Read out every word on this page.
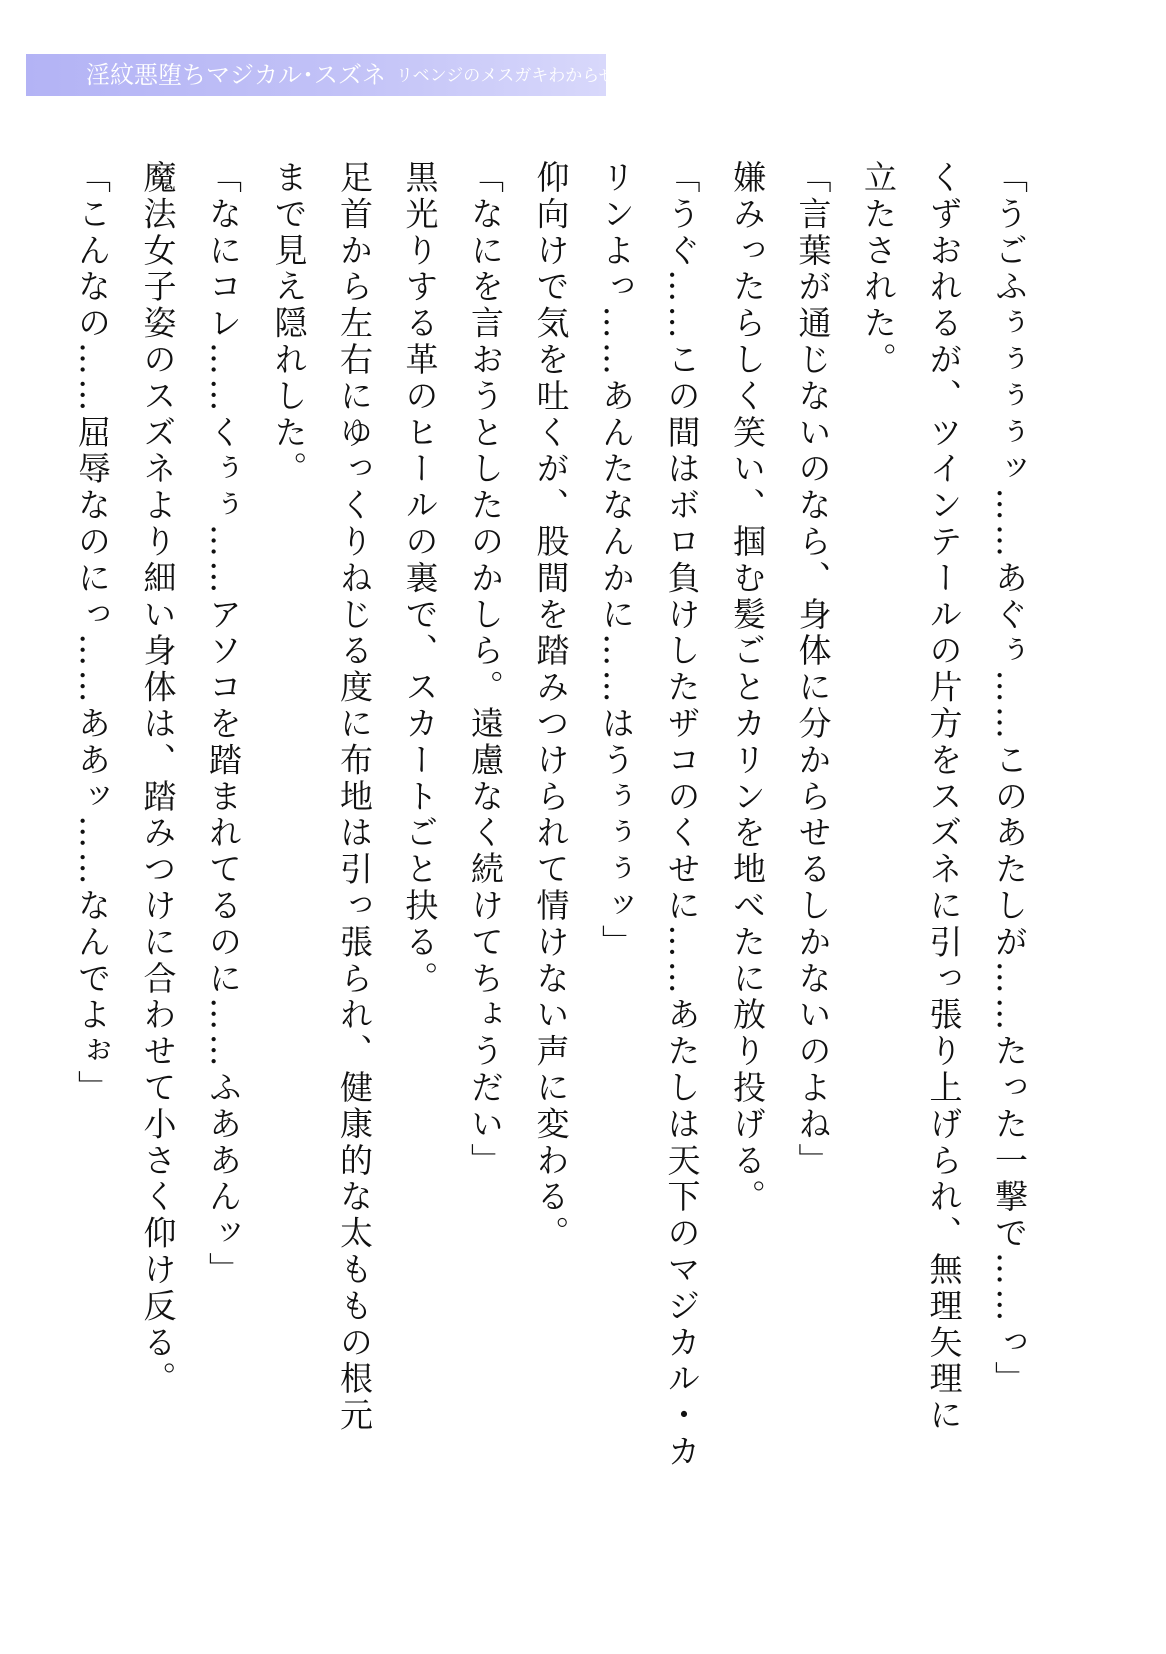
淫紋悪堕ちマジカル･スズネ リベンジのメスガキわからせ
「うごふぅぅぅぅッ……あぐぅ……このあたしが……たった一撃で……っ」
くずおれるが、ツインテールの片方をスズネに引っ張り上げられ、無理矢理に
立たされた。
「言葉が通じないのなら、身体に分からせるしかないのよね」
嫌みったらしく笑い、掴む髪ごとカリンを地べたに放り投げる。
「うぐ……この間はボロ負けしたザコのくせに……あたしは天下のマジカル・カ
リンよっ……あんたなんかに……はうぅぅぅッ」
仰向けで気を吐くが、股間を踏みつけられて情けない声に変わる。
「なにを言おうとしたのかしら。遠慮なく続けてちょうだい」
黒光りする革のヒールの裏で、スカートごと抉る。
足首から左右にゆっくりねじる度に布地は引っ張られ、健康的な太ももの根元
まで見え隠れした。
「なにコレ……くぅぅ……アソコを踏まれてるのに……ふああんッ」
魔法女子姿のスズネより細い身体は、踏みつけに合わせて小さく仰け反る。
「こんなの……屈辱なのにっ……ああッ……なんでよぉ」
